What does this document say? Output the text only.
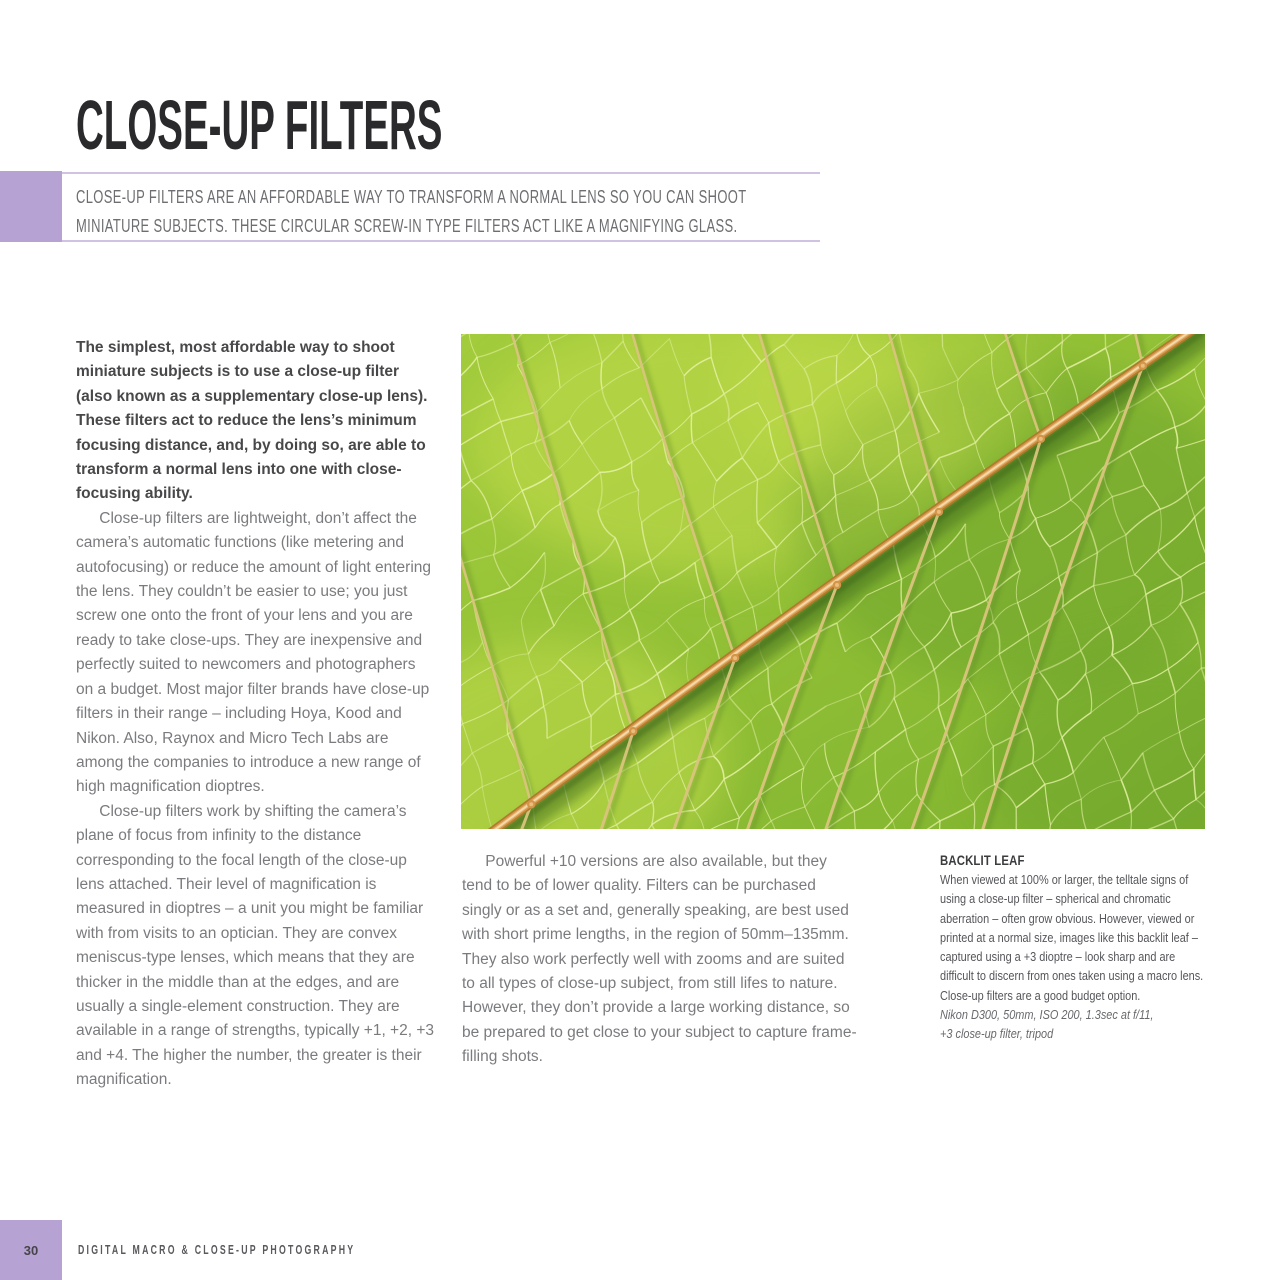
CLOSE-UP FILTERS
CLOSE-UP FILTERS ARE AN AFFORDABLE WAY TO TRANSFORM A NORMAL LENS SO YOU CAN SHOOT
MINIATURE SUBJECTS. THESE CIRCULAR SCREW-IN TYPE FILTERS ACT LIKE A MAGNIFYING GLASS.

The simplest, most affordable way to shoot miniature subjects is to use a close-up filter (also known as a supplementary close-up lens). These filters act to reduce the lens’s minimum focusing distance, and, by doing so, are able to transform a normal lens into one with close-focusing ability.

Close-up filters are lightweight, don’t affect the camera’s automatic functions (like metering and autofocusing) or reduce the amount of light entering the lens. They couldn’t be easier to use; you just screw one onto the front of your lens and you are ready to take close-ups. They are inexpensive and perfectly suited to newcomers and photographers on a budget. Most major filter brands have close-up filters in their range – including Hoya, Kood and Nikon. Also, Raynox and Micro Tech Labs are among the companies to introduce a new range of high magnification dioptres.

Close-up filters work by shifting the camera’s plane of focus from infinity to the distance corresponding to the focal length of the close-up lens attached. Their level of magnification is measured in dioptres – a unit you might be familiar with from visits to an optician. They are convex meniscus-type lenses, which means that they are thicker in the middle than at the edges, and are usually a single-element construction. They are available in a range of strengths, typically +1, +2, +3 and +4. The higher the number, the greater is their magnification.

Powerful +10 versions are also available, but they tend to be of lower quality. Filters can be purchased singly or as a set and, generally speaking, are best used with short prime lengths, in the region of 50mm–135mm. They also work perfectly well with zooms and are suited to all types of close-up subject, from still lifes to nature. However, they don’t provide a large working distance, so be prepared to get close to your subject to capture frame-filling shots.

BACKLIT LEAF

When viewed at 100% or larger, the telltale signs of using a close-up filter – spherical and chromatic aberration – often grow obvious. However, viewed or printed at a normal size, images like this backlit leaf – captured using a +3 dioptre – look sharp and are difficult to discern from ones taken using a macro lens. Close-up filters are a good budget option.

Nikon D300, 50mm, ISO 200, 1.3sec at f/11,
+3 close-up filter, tripod

30	DIGITAL MACRO & CLOSE-UP PHOTOGRAPHY
